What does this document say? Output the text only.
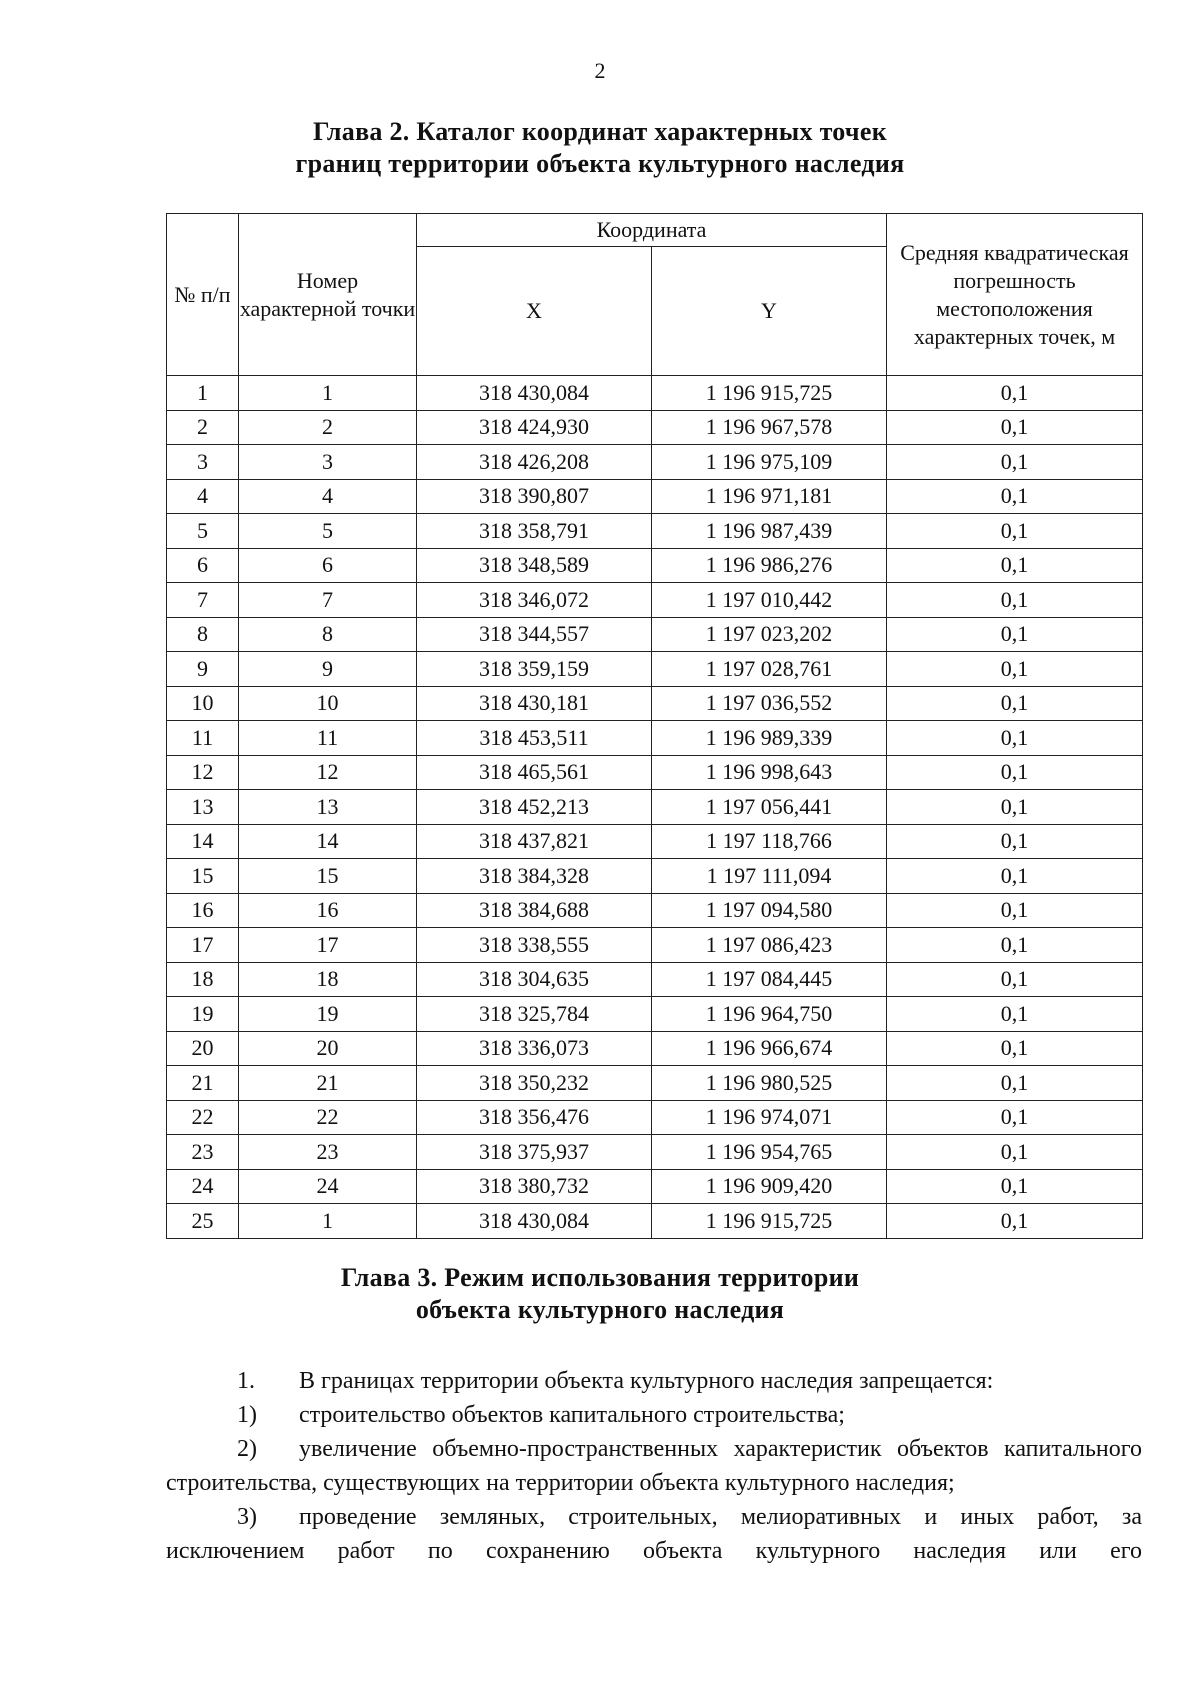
2
Глава 2. Каталог координат характерных точек
границ территории объекта культурного наследия
№ п/п	Номер характерной точки	Координата		Средняя квадратическая погрешность местоположения характерных точек, м
		X	Y	
1	1	318 430,084	1 196 915,725	0,1
2	2	318 424,930	1 196 967,578	0,1
3	3	318 426,208	1 196 975,109	0,1
4	4	318 390,807	1 196 971,181	0,1
5	5	318 358,791	1 196 987,439	0,1
6	6	318 348,589	1 196 986,276	0,1
7	7	318 346,072	1 197 010,442	0,1
8	8	318 344,557	1 197 023,202	0,1
9	9	318 359,159	1 197 028,761	0,1
10	10	318 430,181	1 197 036,552	0,1
11	11	318 453,511	1 196 989,339	0,1
12	12	318 465,561	1 196 998,643	0,1
13	13	318 452,213	1 197 056,441	0,1
14	14	318 437,821	1 197 118,766	0,1
15	15	318 384,328	1 197 111,094	0,1
16	16	318 384,688	1 197 094,580	0,1
17	17	318 338,555	1 197 086,423	0,1
18	18	318 304,635	1 197 084,445	0,1
19	19	318 325,784	1 196 964,750	0,1
20	20	318 336,073	1 196 966,674	0,1
21	21	318 350,232	1 196 980,525	0,1
22	22	318 356,476	1 196 974,071	0,1
23	23	318 375,937	1 196 954,765	0,1
24	24	318 380,732	1 196 909,420	0,1
25	1	318 430,084	1 196 915,725	0,1
Глава 3. Режим использования территории
объекта культурного наследия

1. В границах территории объекта культурного наследия запрещается:

1) строительство объектов капитального строительства;

2) увеличение объемно-пространственных характеристик объектов капитального строительства, существующих на территории объекта культурного наследия;

3) проведение земляных, строительных, мелиоративных и иных работ, за исключением работ по сохранению объекта культурного наследия или его
